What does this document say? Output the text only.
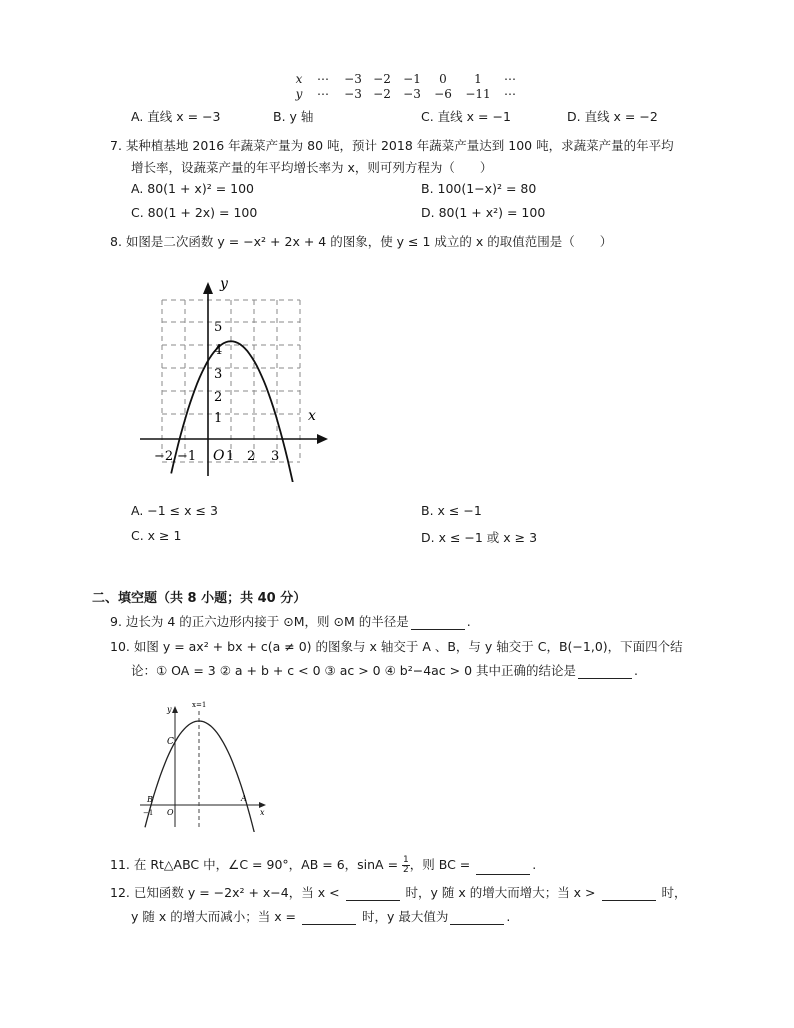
x	⋯	−3 −2	−1	0	1	⋯
y	⋯	−3 −2	−3	−6	−11	⋯
A. 直线 x = −3	B. y 轴	C. 直线 x = −1	D. 直线 x = −2
7. 某种植基地 2016 年蔬菜产量为 80 吨，预计 2018 年蔬菜产量达到 100 吨，求蔬菜产量的年平均
增长率，设蔬菜产量的年平均增长率为 x，则可列方程为（　　）
A. 80(1 + x)² = 100	B. 100(1−x)² = 80
C. 80(1 + 2x) = 100	D. 80(1 + x²) = 100
8. 如图是二次函数 y = −x² + 2x + 4 的图象，使 y ≤ 1 成立的 x 的取值范围是（　　）
y
x
O
−2 −1 1 2 3
1
2
3
4
5
A. −1 ≤ x ≤ 3	B. x ≤ −1
C. x ≥ 1	D. x ≤ −1 或 x ≥ 3
二、填空题（共 8 小题；共 40 分）
9. 边长为 4 的正六边形内接于 ⊙M，则 ⊙M 的半径是	.
10. 如图 y = ax² + bx + c(a ≠ 0) 的图象与 x 轴交于 A 、B，与 y 轴交于 C，B(−1,0)，下面四个结
论：① OA = 3 ② a + b + c < 0 ③ ac > 0 ④ b²−4ac > 0 其中正确的结论是	.
x=1
y
x
C
B	A
O
−1
11. 在 Rt△ABC 中，∠C = 90°，AB = 6，$\sin A = \frac{1}{2}$ ，则 BC =	.
12. 已知函数 y = −2x² + x−4，当 x <	时，y 随 x 的增大而增大；当 x >	时，
y 随 x 的增大而减小；当 x =	时，y 最大值为	.
